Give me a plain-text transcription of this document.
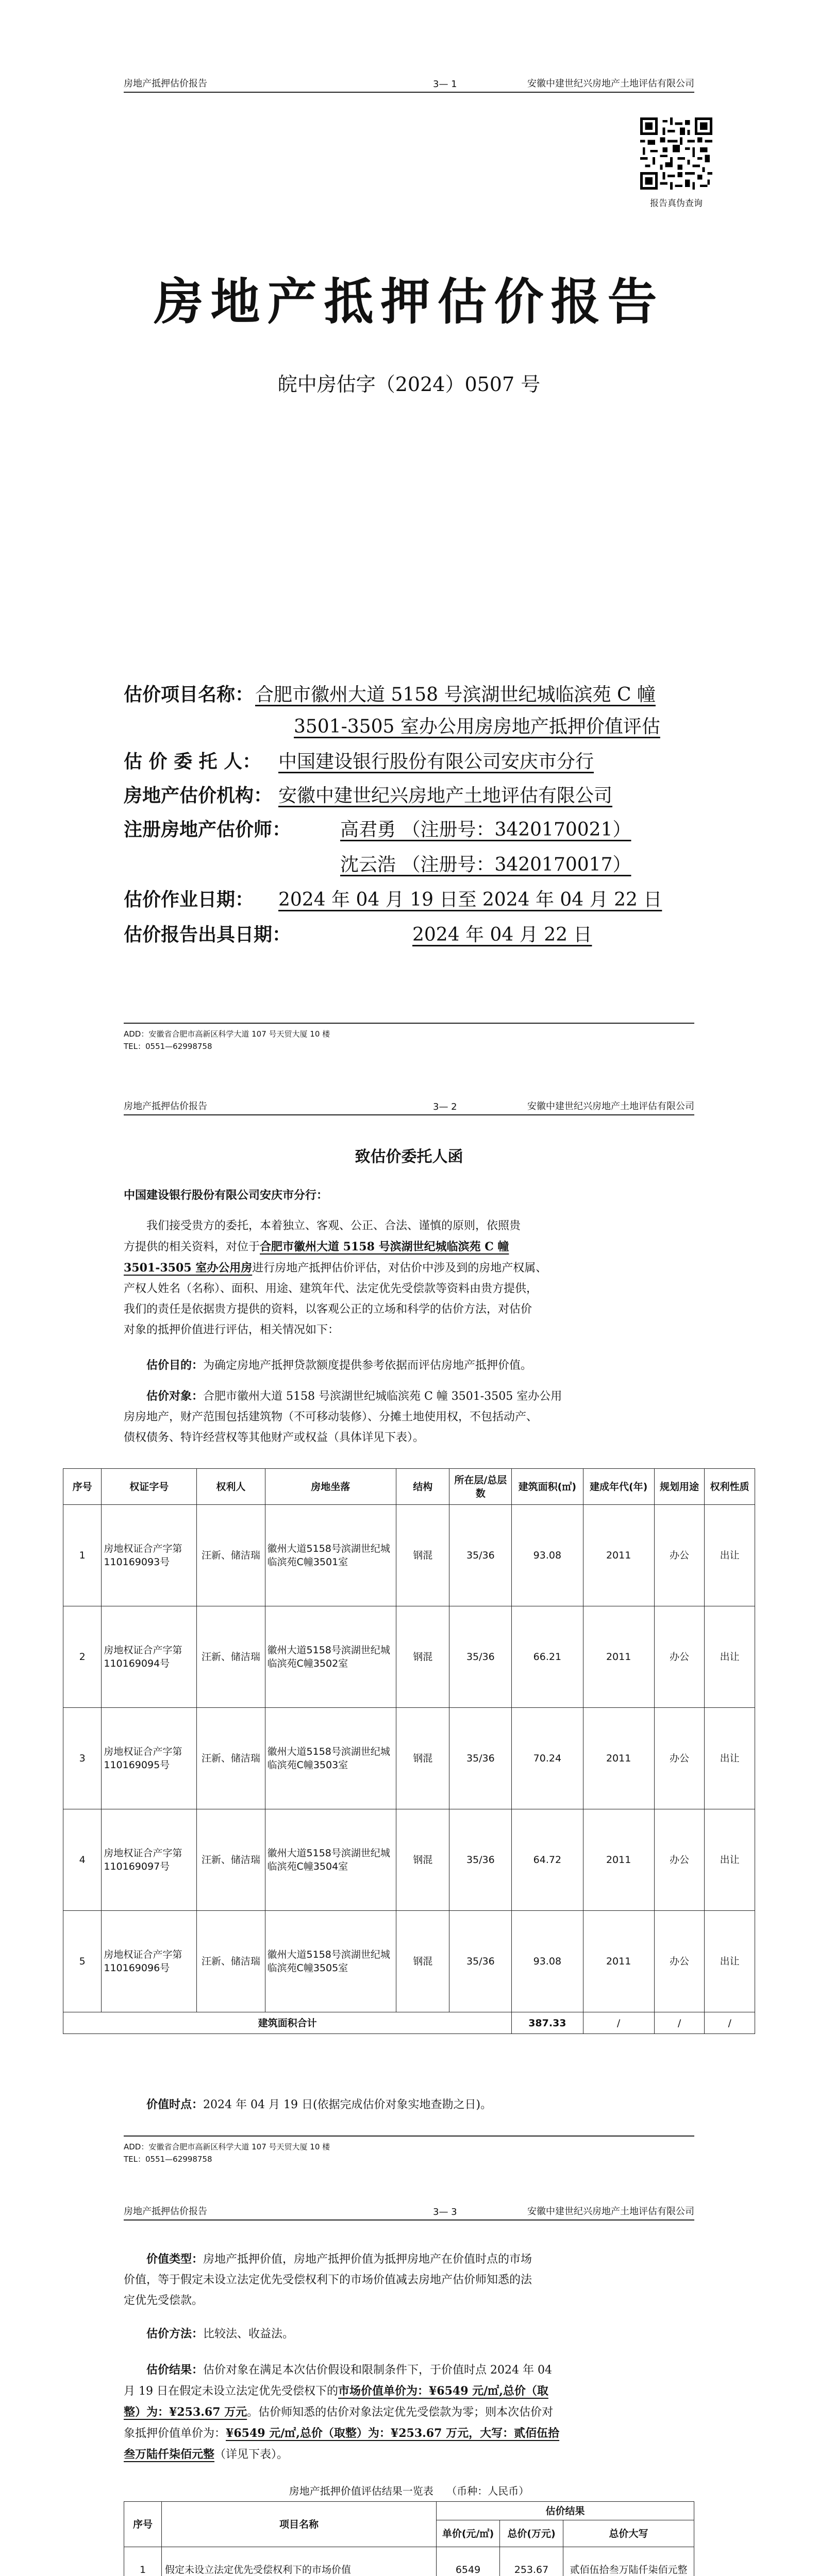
房地产抵押估价报告	3— 1	安徽中建世纪兴房地产土地评估有限公司
报告真伪查询
房地产抵押估价报告
皖中房估字（2024）0507 号
估价项目名称： 合肥市徽州大道 5158 号滨湖世纪城临滨苑 C 幢
3501-3505 室办公用房房地产抵押价值评估
估 价 委 托 人： 中国建设银行股份有限公司安庆市分行
房地产估价机构： 安徽中建世纪兴房地产土地评估有限公司
注册房地产估价师：	高君勇 （注册号：3420170021）
沈云浩 （注册号：3420170017）
估价作业日期： 2024 年 04 月 19 日至 2024 年 04 月 22 日
估价报告出具日期：	2024 年 04 月 22 日
ADD：安徽省合肥市高新区科学大道 107 号天贸大厦 10 楼
TEL：0551—62998758
房地产抵押估价报告	3— 2	安徽中建世纪兴房地产土地评估有限公司
致估价委托人函
中国建设银行股份有限公司安庆市分行：
我们接受贵方的委托，本着独立、客观、公正、合法、谨慎的原则，依照贵
方提供的相关资料，对位于合肥市徽州大道 5158 号滨湖世纪城临滨苑 C 幢
3501-3505 室办公用房进行房地产抵押估价评估，对估价中涉及到的房地产权属、
产权人姓名（名称）、面积、用途、建筑年代、法定优先受偿款等资料由贵方提供，
我们的责任是依据贵方提供的资料，以客观公正的立场和科学的估价方法，对估价
对象的抵押价值进行评估，相关情况如下：
估价目的：为确定房地产抵押贷款额度提供参考依据而评估房地产抵押价值。
估价对象：合肥市徽州大道 5158 号滨湖世纪城临滨苑 C 幢 3501-3505 室办公用
房房地产，财产范围包括建筑物（不可移动装修）、分摊土地使用权，不包括动产、
债权债务、特许经营权等其他财产或权益（具体详见下表）。
序号	权证字号	权利人	房地坐落	结构	所在层/总层数	建筑面积(㎡)	建成年代(年)	规划用途	权利性质
1	房地权证合产字第110169093号	汪新、储洁瑞	徽州大道5158号滨湖世纪城临滨苑C幢3501室	钢混	35/36	93.08	2011	办公	出让
2	房地权证合产字第110169094号	汪新、储洁瑞	徽州大道5158号滨湖世纪城临滨苑C幢3502室	钢混	35/36	66.21	2011	办公	出让
3	房地权证合产字第110169095号	汪新、储洁瑞	徽州大道5158号滨湖世纪城临滨苑C幢3503室	钢混	35/36	70.24	2011	办公	出让
4	房地权证合产字第110169097号	汪新、储洁瑞	徽州大道5158号滨湖世纪城临滨苑C幢3504室	钢混	35/36	64.72	2011	办公	出让
5	房地权证合产字第110169096号	汪新、储洁瑞	徽州大道5158号滨湖世纪城临滨苑C幢3505室	钢混	35/36	93.08	2011	办公	出让
建筑面积合计						387.33	/	/	/
价值时点：2024 年 04 月 19 日(依据完成估价对象实地查勘之日)。
ADD：安徽省合肥市高新区科学大道 107 号天贸大厦 10 楼
TEL：0551—62998758
房地产抵押估价报告	3— 3	安徽中建世纪兴房地产土地评估有限公司
价值类型：房地产抵押价值，房地产抵押价值为抵押房地产在价值时点的市场
价值，等于假定未设立法定优先受偿权利下的市场价值减去房地产估价师知悉的法
定优先受偿款。
估价方法：比较法、收益法。
估价结果：估价对象在满足本次估价假设和限制条件下，于价值时点 2024 年 04
月 19 日在假定未设立法定优先受偿权下的市场价值单价为：¥6549 元/㎡,总价（取
整）为：¥253.67 万元。估价师知悉的估价对象法定优先受偿款为零；则本次估价对
象抵押价值单价为：¥6549 元/㎡,总价（取整）为：¥253.67 万元，大写：贰佰伍拾
叁万陆仟柒佰元整（详见下表）。
房地产抵押价值评估结果一览表 （币种：人民币）
序号	项目名称	估价结果		
		单价(元/㎡)	总价(万元)	总价大写
1	假定未设立法定优先受偿权利下的市场价值	6549	253.67	贰佰伍拾叁万陆仟柒佰元整
